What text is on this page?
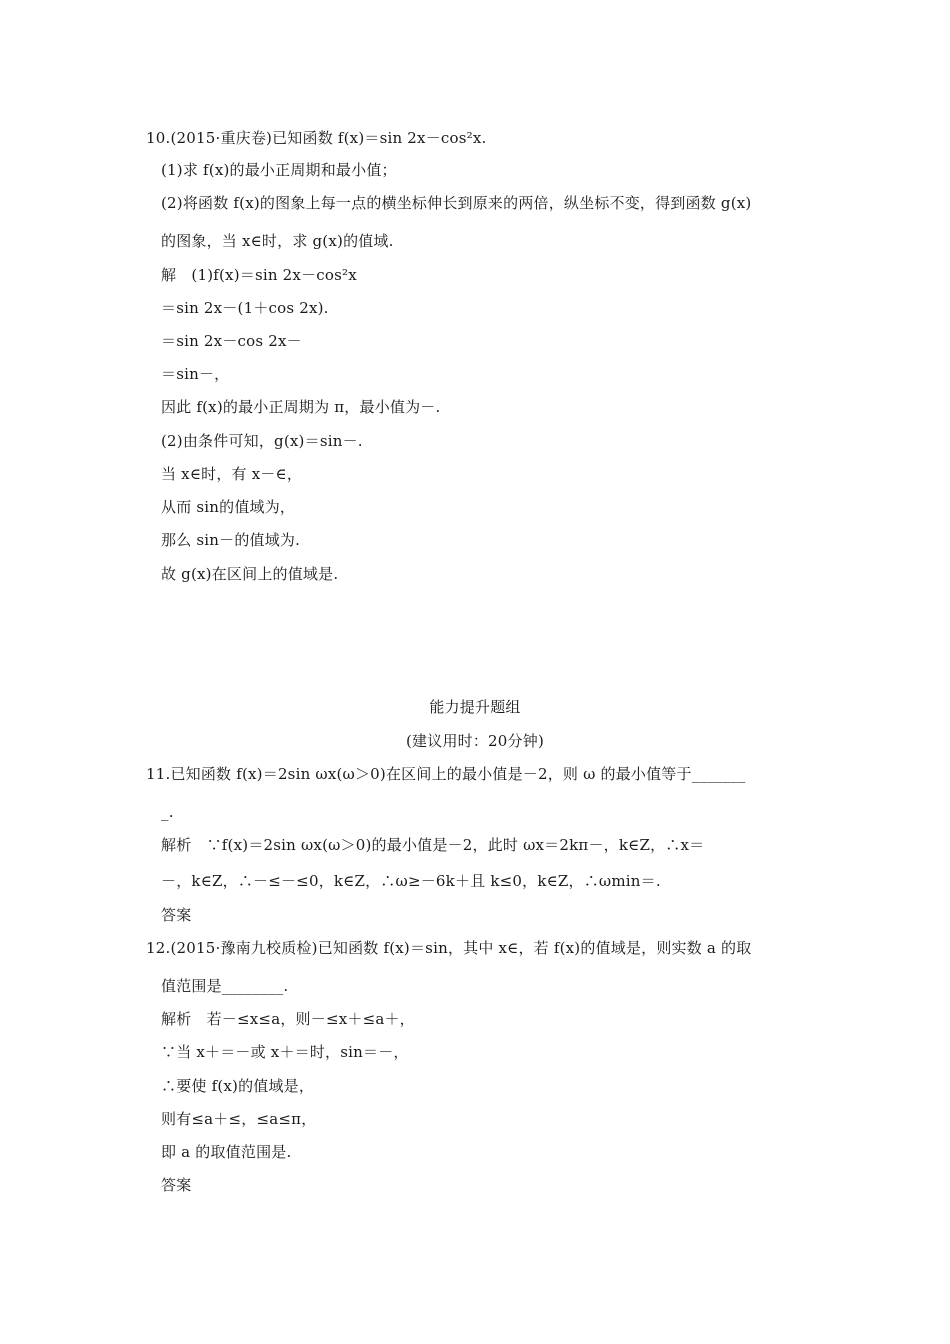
10.(2015·重庆卷)已知函数 f(x)＝sin 2x－cos²x.
(1)求 f(x)的最小正周期和最小值；
(2)将函数 f(x)的图象上每一点的横坐标伸长到原来的两倍，纵坐标不变，得到函数 g(x)
的图象，当 x∈时，求 g(x)的值域.
解　(1)f(x)＝sin 2x－cos²x
＝sin 2x－(1＋cos 2x).
＝sin 2x－cos 2x－
＝sin－，
因此 f(x)的最小正周期为 π，最小值为－.
(2)由条件可知，g(x)＝sin－.
当 x∈时，有 x－∈，
从而 sin的值域为，
那么 sin－的值域为.
故 g(x)在区间上的值域是.
能力提升题组
(建议用时：20分钟)
11.已知函数 f(x)＝2sin ωx(ω＞0)在区间上的最小值是－2，则 ω 的最小值等于_______
_.
解析　∵f(x)＝2sin ωx(ω＞0)的最小值是－2，此时 ωx＝2kπ－，k∈Z，∴x＝
－，k∈Z，∴－≤－≤0，k∈Z，∴ω≥－6k＋且 k≤0，k∈Z，∴ωmin＝.
答案
12.(2015·豫南九校质检)已知函数 f(x)＝sin，其中 x∈，若 f(x)的值域是，则实数 a 的取
值范围是________.
解析　若－≤x≤a，则－≤x＋≤a＋，
∵当 x＋＝－或 x＋＝时，sin＝－，
∴要使 f(x)的值域是，
则有≤a＋≤，≤a≤π，
即 a 的取值范围是.
答案
